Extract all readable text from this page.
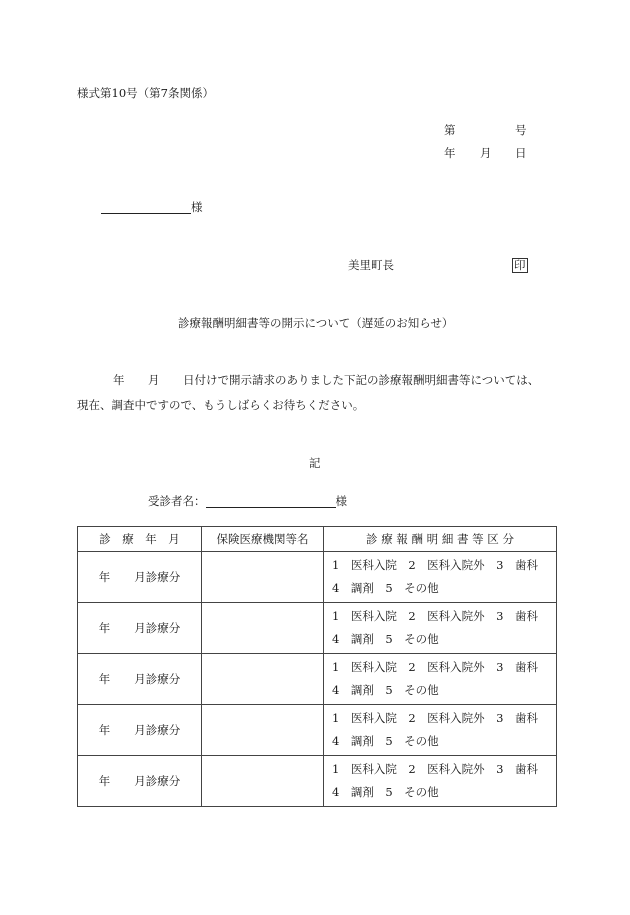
様式第10号（第7条関係）
第	号
年 月 日
様
美里町長	印
診療報酬明細書等の開示について（遅延のお知らせ）
年 月 日付けで開示請求のありました下記の診療報酬明細書等については、
現在、調査中ですので、もうしばらくお待ちください。
記
受診者名：	様
診　療　年　月	保険医療機関等名	診 療 報 酬 明 細 書 等 区 分
年 月診療分		1　医科入院　2　医科入院外　3　歯科
4　調剤　5　その他

年 月診療分		1　医科入院　2　医科入院外　3　歯科
4　調剤　5　その他

年 月診療分		1　医科入院　2　医科入院外　3　歯科
4　調剤　5　その他

年 月診療分		1　医科入院　2　医科入院外　3　歯科
4　調剤　5　その他

年 月診療分		1　医科入院　2　医科入院外　3　歯科
4　調剤　5　その他
